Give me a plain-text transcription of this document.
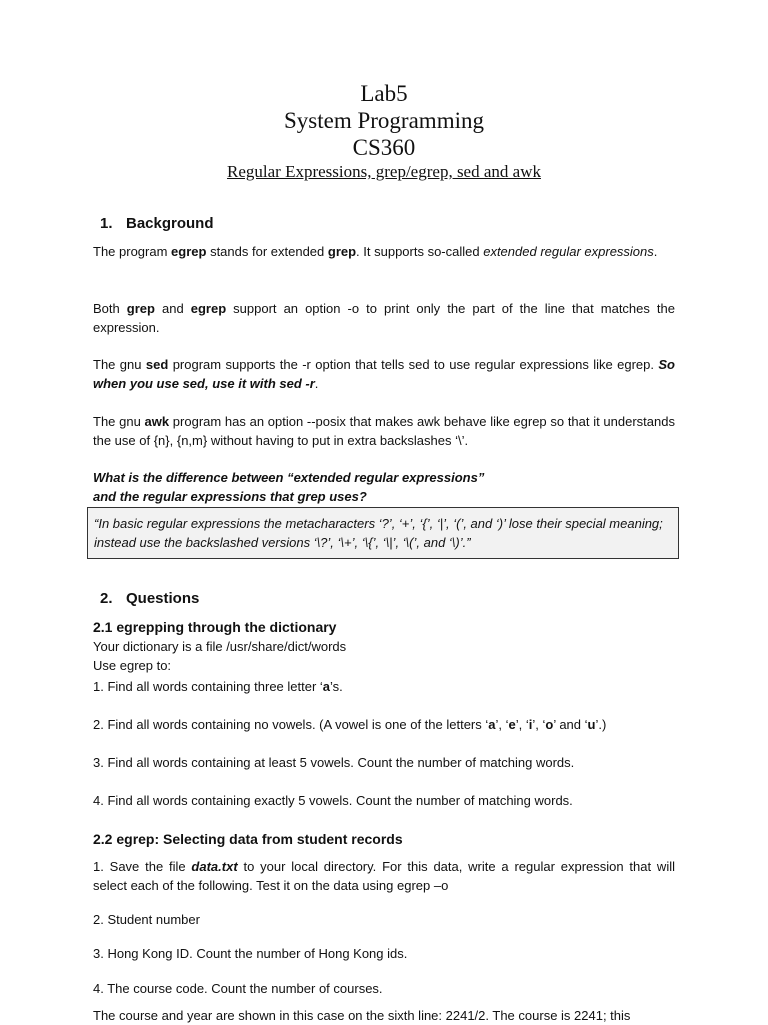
Lab5
System Programming
CS360
Regular Expressions, grep/egrep, sed and awk
1. Background
The program egrep stands for extended grep. It supports so-called extended regular expressions.
Both grep and egrep support an option -o to print only the part of the line that matches the expression.
The gnu sed program supports the -r option that tells sed to use regular expressions like egrep. So when you use sed, use it with sed -r.
The gnu awk program has an option --posix that makes awk behave like egrep so that it understands the use of {n}, {n,m} without having to put in extra backslashes ‘\’.
What is the difference between “extended regular expressions”
and the regular expressions that grep uses?
“In basic regular expressions the metacharacters ‘?’, ‘+’, ‘{’, ‘|’, ‘(’, and ‘)’ lose their special meaning; instead use the backslashed versions ‘\?’, ‘\+’, ‘\{’, ‘\|’, ‘\(’, and ‘\)’.”
2. Questions
2.1 egrepping through the dictionary
Your dictionary is a file /usr/share/dict/words
Use egrep to:
1. Find all words containing three letter ‘a’s.
2. Find all words containing no vowels. (A vowel is one of the letters ‘a’, ‘e’, ‘i’, ‘o’ and ‘u’.)
3. Find all words containing at least 5 vowels. Count the number of matching words.
4. Find all words containing exactly 5 vowels. Count the number of matching words.
2.2 egrep: Selecting data from student records
1. Save the file data.txt to your local directory. For this data, write a regular expression that will select each of the following. Test it on the data using egrep –o
2. Student number
3. Hong Kong ID. Count the number of Hong Kong ids.
4. The course code. Count the number of courses.
The course and year are shown in this case on the sixth line: 2241/2. The course is 2241; this
